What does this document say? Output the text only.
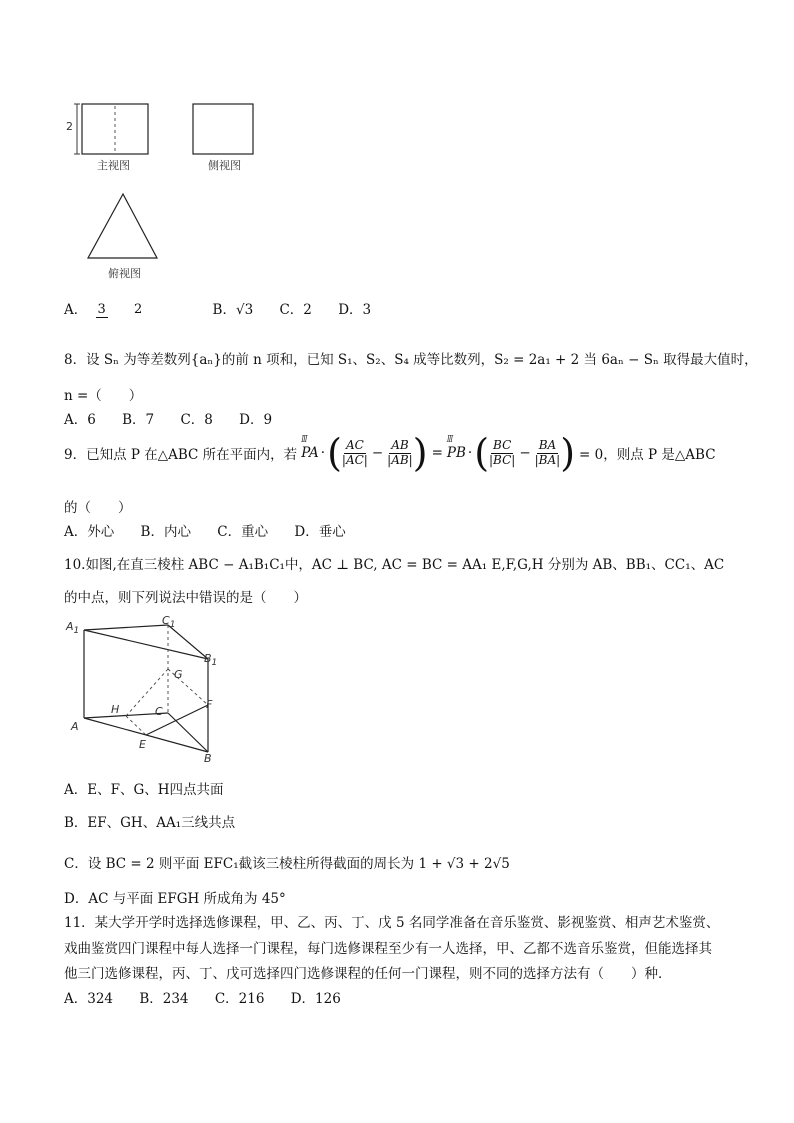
2
主视图	侧视图
俯视图
A． 3 2	B．√3 C．2 D．3
8．设 Sₙ 为等差数列{aₙ}的前 n 项和，已知 S₁、S₂、S₄ 成等比数列，S₂ = 2a₁ + 2 当 6aₙ − Sₙ 取得最大值时，
n =（　　）
A．6 B．7 C．8 D．9
9．已知点 P 在△ABC 所在平面内，若 ꟾꟾꟾ PA · ( $\frac{AC}{|AC|} - \frac{AB}{|AB|}$ ) = ꟾꟾꟾ PB · ( $\frac{BC}{|BC|} - \frac{BA}{|BA|}$ ) = 0，则点 P 是△ABC
的（　　）
A．外心 B．内心 C．重心 D．垂心
10.如图,在直三棱柱 ABC − A₁B₁C₁中，AC ⊥ BC, AC = BC = AA₁ E,F,G,H 分别为 AB、BB₁、CC₁、AC
的中点，则下列说法中错误的是（　　）
$A_1$
$C_1$
$B_1$
G
H	C
F
A
E
B
A．E、F、G、H四点共面
B．EF、GH、AA₁三线共点
C．设 BC = 2 则平面 EFC₁截该三棱柱所得截面的周长为 1 + √3 + 2√5
D．AC 与平面 EFGH 所成角为 45°
11．某大学开学时选择选修课程，甲、乙、丙、丁、戊 5 名同学准备在音乐鉴赏、影视鉴赏、相声艺术鉴赏、
戏曲鉴赏四门课程中每人选择一门课程，每门选修课程至少有一人选择，甲、乙都不选音乐鉴赏，但能选择其
他三门选修课程，丙、丁、戊可选择四门选修课程的任何一门课程，则不同的选择方法有（　　）种．
A．324 B．234 C．216 D．126
